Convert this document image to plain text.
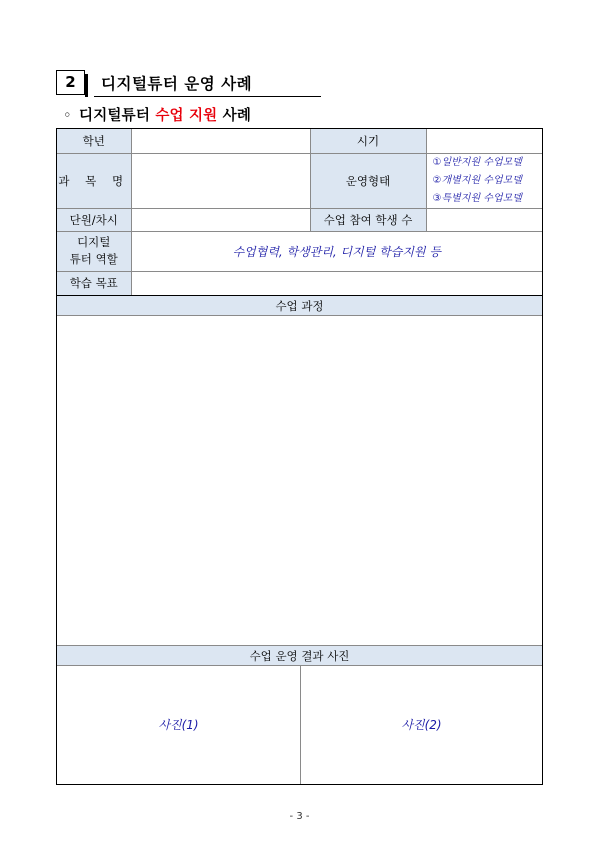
2	디지털튜터 운영 사례
◦ 디지털튜터 수업 지원 사례
학년		시기	
과 목 명		운영형태	①일반지원 수업모델
②개별지원 수업모델
③특별지원 수업모델

단원/차시		수업 참여 학생 수	

디지털
튜터 역할	수업협력, 학생관리, 디지털 학습지원 등		
학습 목표			
수업 과정
수업 운영 결과 사진
사진(1)	사진(2)
- 3 -
